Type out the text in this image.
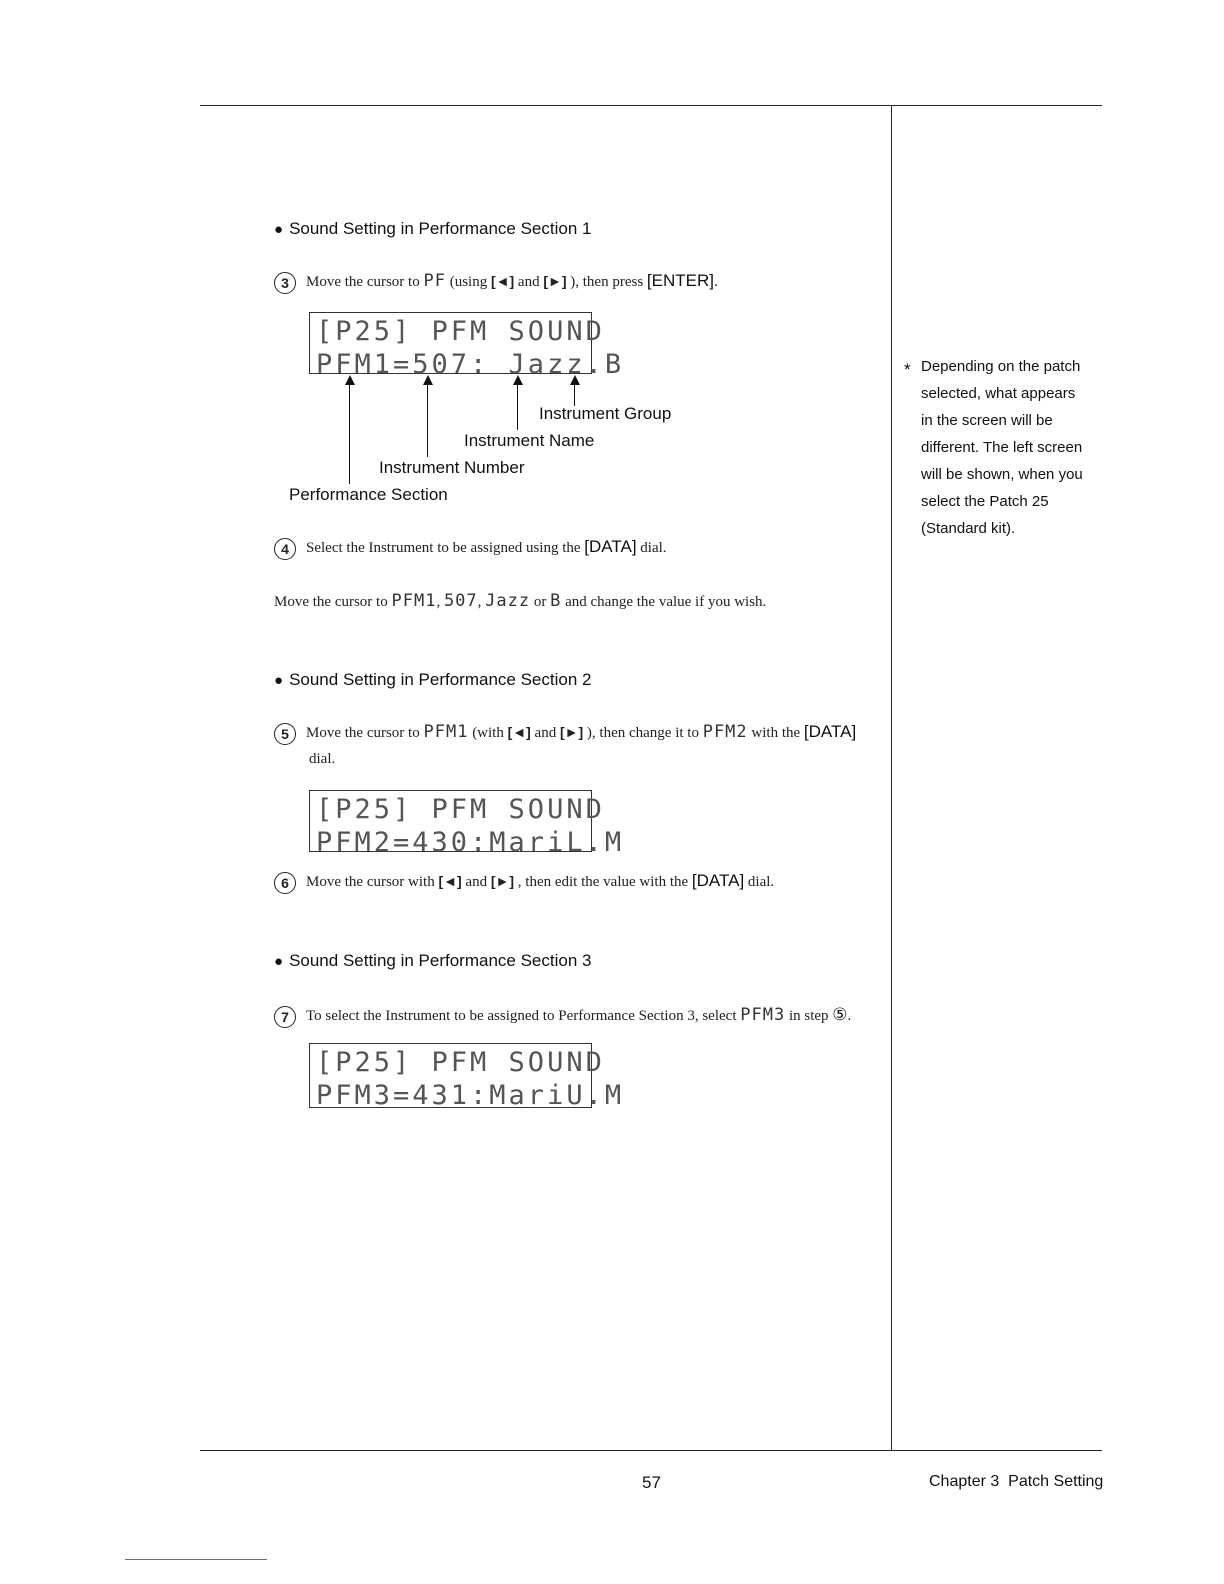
● Sound Setting in Performance Section 1
3 Move the cursor to PF (using [◄] and [►] ), then press [ENTER].
[P25] PFM SOUND
PFM1=507: Jazz.B
Instrument Group
Instrument Name
Instrument Number
Performance Section
4 Select the Instrument to be assigned using the [DATA] dial.
Move the cursor to PFM1, 507, Jazz or B and change the value if you wish.
● Sound Setting in Performance Section 2
5 Move the cursor to PFM1 (with [◄] and [►] ), then change it to PFM2 with the [DATA]
dial.
[P25] PFM SOUND
PFM2=430:MariL.M
6 Move the cursor with [◄] and [►] , then edit the value with the [DATA] dial.
● Sound Setting in Performance Section 3
7 To select the Instrument to be assigned to Performance Section 3, select PFM3 in step ⑤.
[P25] PFM SOUND
PFM3=431:MariU.M
* Depending on the patch
selected, what appears
in the screen will be
different. The left screen
will be shown, when you
select the Patch 25
(Standard kit).
57	Chapter 3 Patch Setting
